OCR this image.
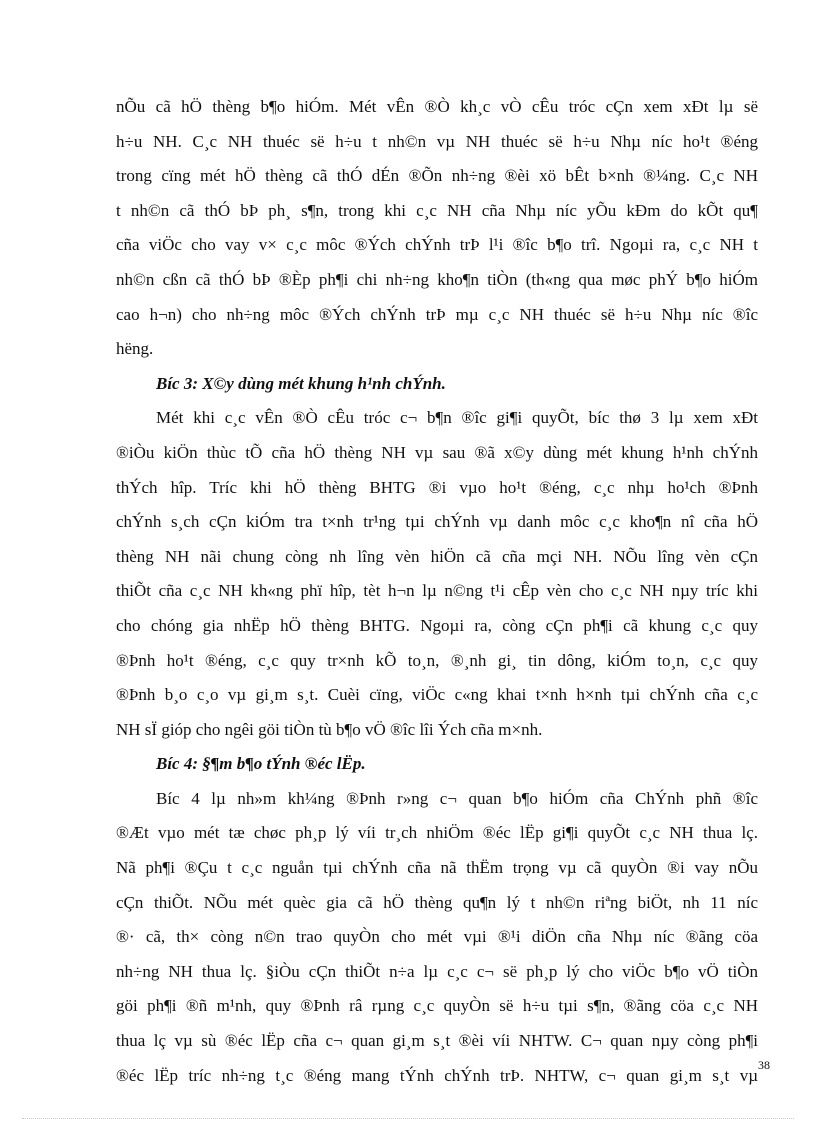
nÕu cã hÖ thèng b¶o hiÓm. Mét vÊn ®Ò kh¸c vÒ cÊu tróc cÇn xem xÐt lµ së
h÷u NH. C¸c NH thuéc së h÷u t nh©n vµ NH thuéc së h÷u Nhµ níc ho¹t ®éng
trong cïng mét hÖ thèng cã thÓ dÉn ®Õn nh÷ng ®èi xö bÊt b×nh ®¼ng. C¸c NH
t nh©n cã thÓ bÞ ph¸ s¶n, trong khi c¸c NH cña Nhµ níc yÕu kÐm do kÕt qu¶
cña viÖc cho vay v× c¸c môc ®Ých chÝnh trÞ l¹i ®îc b¶o trî. Ngoµi ra, c¸c NH t
nh©n cßn cã thÓ bÞ ®Èp ph¶i chi nh÷ng kho¶n tiÒn (th«ng qua møc phÝ b¶o hiÓm
cao h¬n) cho nh÷ng môc ®Ých chÝnh trÞ mµ c¸c NH thuéc së h÷u Nhµ níc ®îc
hëng.
Bíc 3: X©y dùng mét khung h¹nh chÝnh.
Mét khi c¸c vÊn ®Ò cÊu tróc c¬ b¶n ®îc gi¶i quyÕt, bíc thø 3 lµ xem xÐt
®iÒu kiÖn thùc tÕ cña hÖ thèng NH vµ sau ®ã x©y dùng mét khung h¹nh chÝnh
thÝch hîp. Tríc khi hÖ thèng BHTG ®i vµo ho¹t ®éng, c¸c nhµ ho¹ch ®Þnh
chÝnh s¸ch cÇn kiÓm tra t×nh tr¹ng tµi chÝnh vµ danh môc c¸c kho¶n nî cña hÖ
thèng NH nãi chung còng nh lîng vèn hiÖn cã cña mçi NH. NÕu lîng vèn cÇn
thiÕt cña c¸c NH kh«ng phï hîp, tèt h¬n lµ n©ng t¹i cÊp vèn cho c¸c NH nµy tríc khi
cho chóng gia nhËp hÖ thèng BHTG. Ngoµi ra, còng cÇn ph¶i cã khung c¸c quy
®Þnh ho¹t ®éng, c¸c quy tr×nh kÕ to¸n, ®¸nh gi¸ tin dông, kiÓm to¸n, c¸c quy
®Þnh b¸o c¸o vµ gi¸m s¸t. Cuèi cïng, viÖc c«ng khai t×nh h×nh tµi chÝnh cña c¸c
NH sÏ gióp cho ngêi göi tiÒn tù b¶o vÖ ®îc lîi Ých cña m×nh.
Bíc 4: §¶m b¶o tÝnh ®éc lËp.
Bíc 4 lµ nh»m kh¼ng ®Þnh r»ng c¬ quan b¶o hiÓm cña ChÝnh phñ ®îc
®Æt vµo mét tæ chøc ph¸p lý víi tr¸ch nhiÖm ®éc lËp gi¶i quyÕt c¸c NH thua lç.
Nã ph¶i ®Çu t c¸c nguån tµi chÝnh cña nã thËm trọng vµ cã quyÒn ®i vay nÕu
cÇn thiÕt. NÕu mét quèc gia cã hÖ thèng qu¶n lý t nh©n riªng biÖt, nh 11 níc
®· cã, th× còng n©n trao quyÒn cho mét vµi ®¹i diÖn cña Nhµ níc ®ãng cöa
nh÷ng NH thua lç. §iÒu cÇn thiÕt n÷a lµ c¸c c¬ së ph¸p lý cho viÖc b¶o vÖ tiÒn
göi ph¶i ®ñ m¹nh, quy ®Þnh râ rµng c¸c quyÒn së h÷u tµi s¶n, ®ãng cöa c¸c NH
thua lç vµ sù ®éc lËp cña c¬ quan gi¸m s¸t ®èi víi NHTW. C¬ quan nµy còng ph¶i
®éc lËp tríc nh÷ng t¸c ®éng mang tÝnh chÝnh trÞ. NHTW, c¬ quan gi¸m s¸t vµ
38
